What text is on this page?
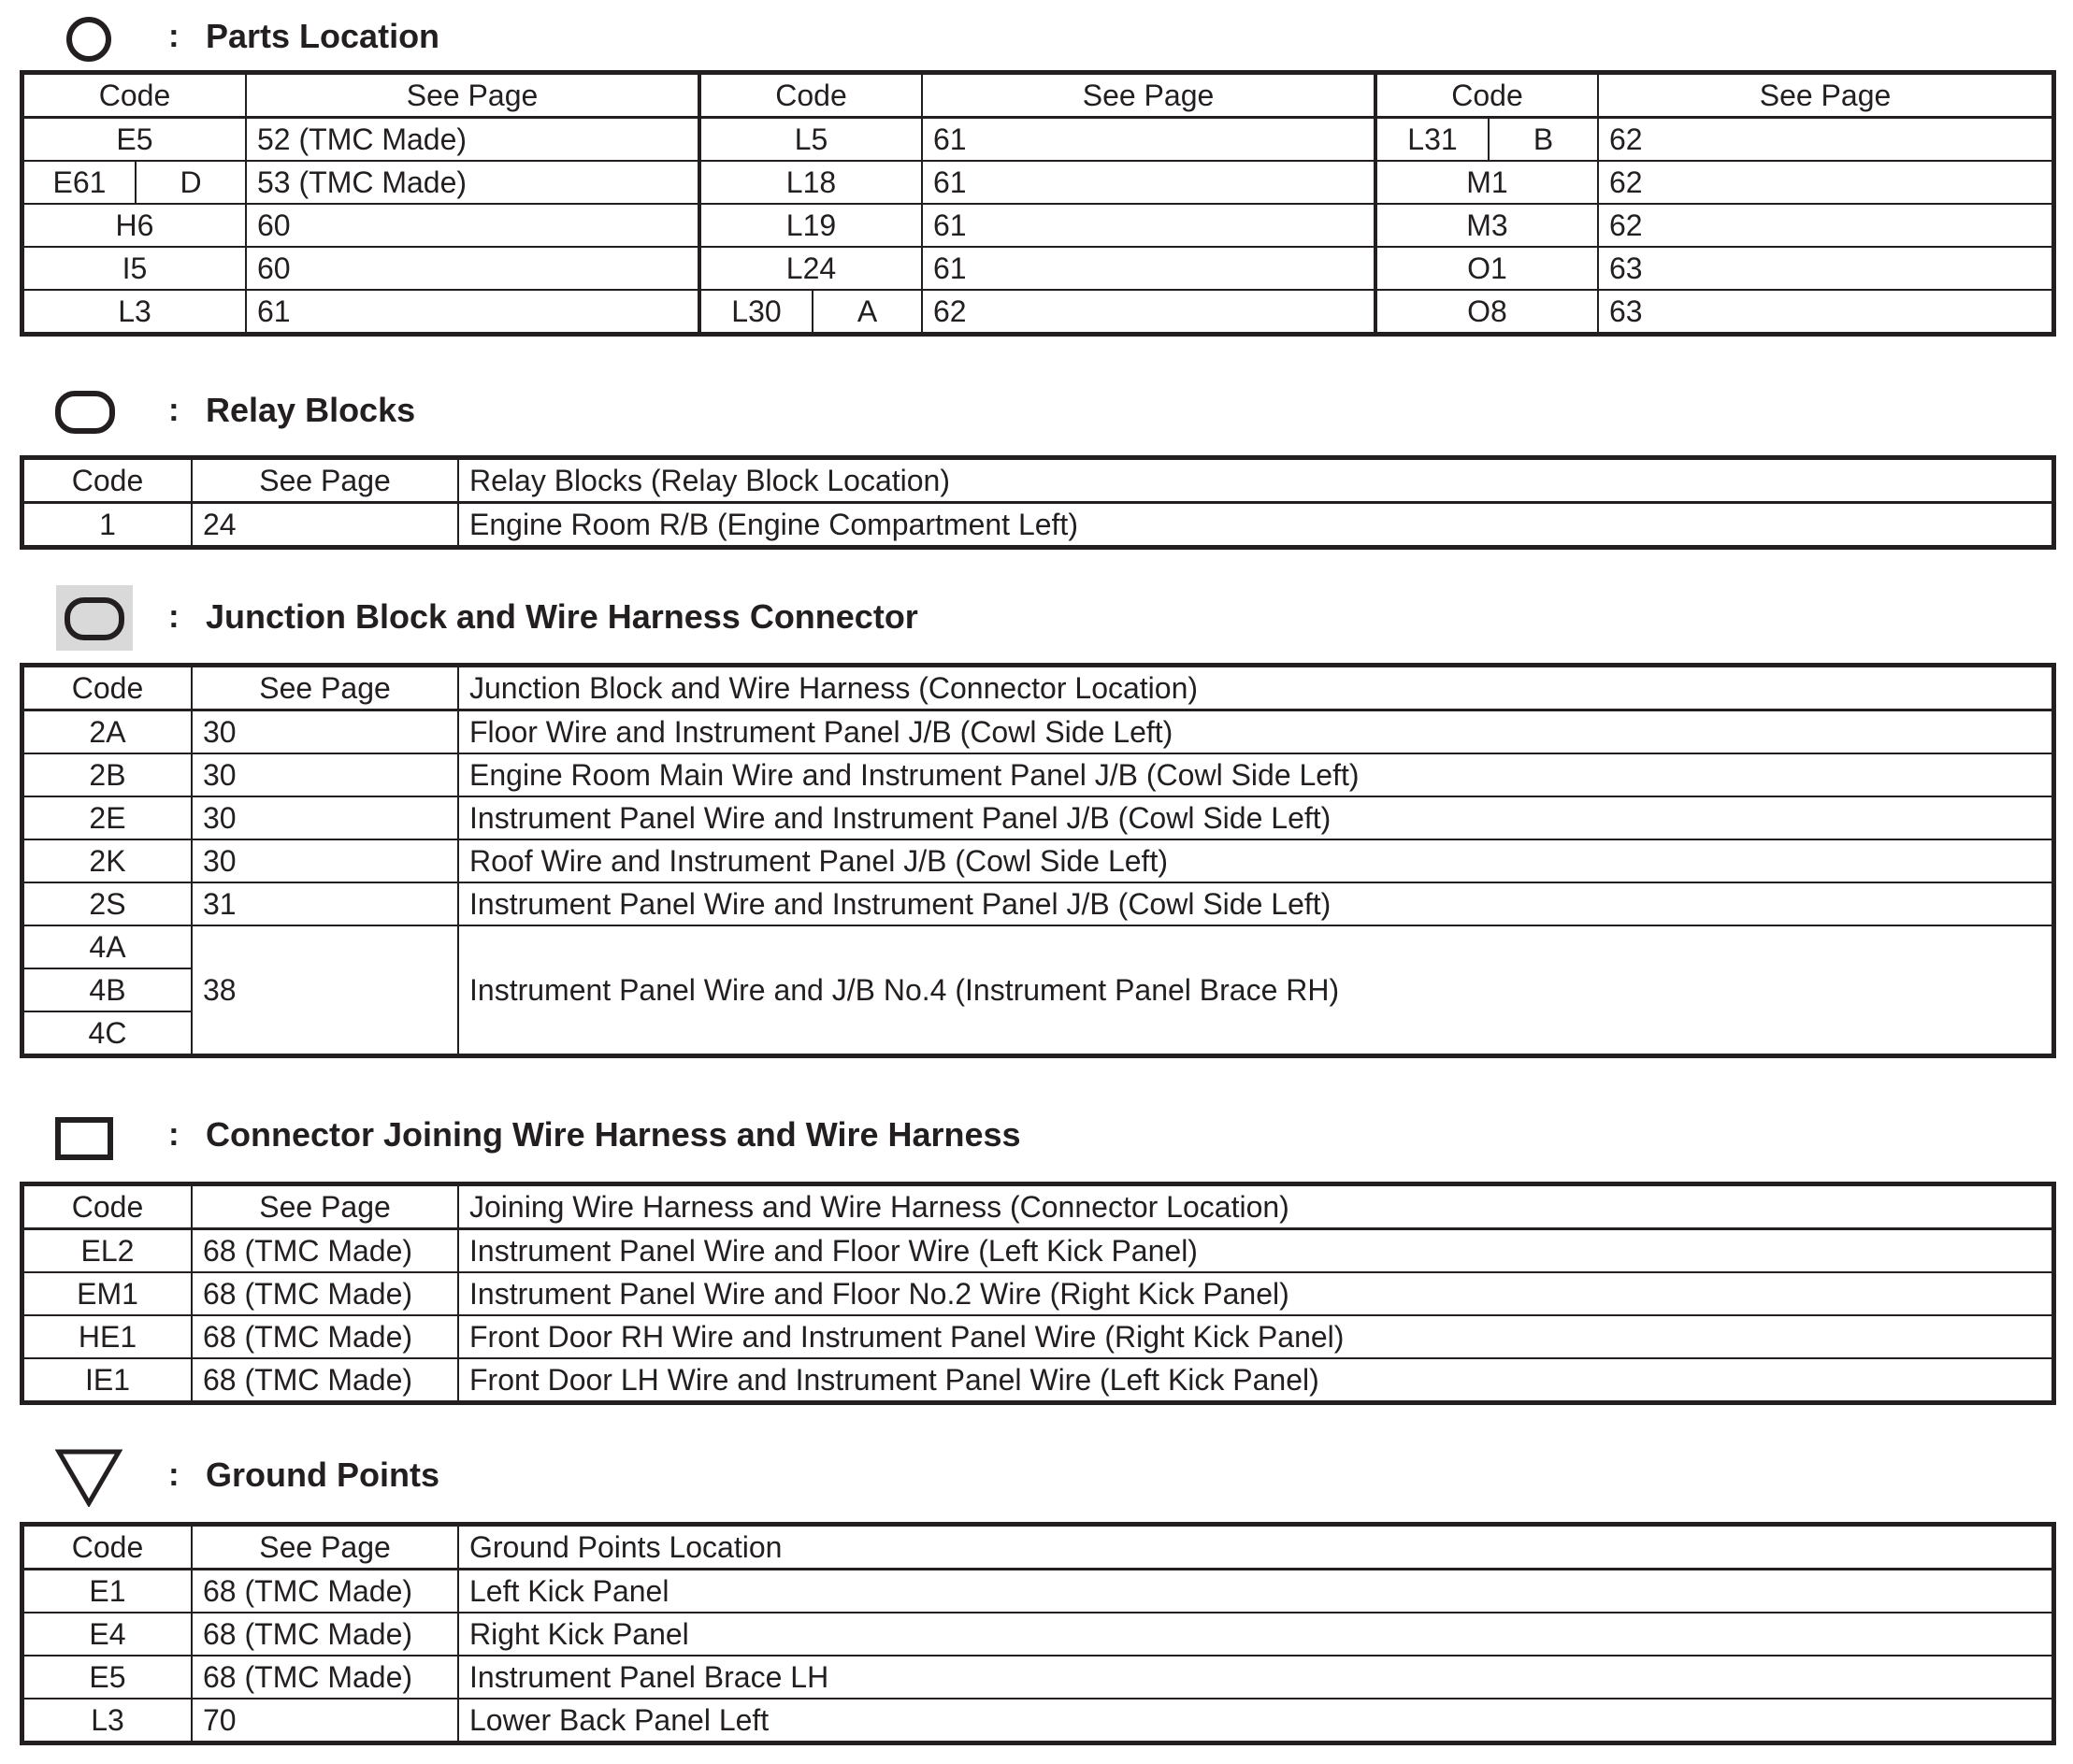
: Parts Location
Code	See Page	Code	See Page	Code	See Page
E5	52 (TMC Made)	L5	61	L31 B	62

E61 D	53 (TMC Made)	L18	61	M1	62
H6	60	L19	61	M3	62
I5	60	L24	61	O1	63
L3	61	L30 A	62	O8	63
: Relay Blocks
Code	See Page	Relay Blocks (Relay Block Location)
1	24	Engine Room R/B (Engine Compartment Left)
: Junction Block and Wire Harness Connector
Code	See Page	Junction Block and Wire Harness (Connector Location)
2A	30	Floor Wire and Instrument Panel J/B (Cowl Side Left)
2B	30	Engine Room Main Wire and Instrument Panel J/B (Cowl Side Left)
2E	30	Instrument Panel Wire and Instrument Panel J/B (Cowl Side Left)
2K	30	Roof Wire and Instrument Panel J/B (Cowl Side Left)
2S	31	Instrument Panel Wire and Instrument Panel J/B (Cowl Side Left)
4A	38	Instrument Panel Wire and J/B No.4 (Instrument Panel Brace RH)
4B		
4C		
: Connector Joining Wire Harness and Wire Harness
Code	See Page	Joining Wire Harness and Wire Harness (Connector Location)
EL2	68 (TMC Made)	Instrument Panel Wire and Floor Wire (Left Kick Panel)
EM1	68 (TMC Made)	Instrument Panel Wire and Floor No.2 Wire (Right Kick Panel)
HE1	68 (TMC Made)	Front Door RH Wire and Instrument Panel Wire (Right Kick Panel)
IE1	68 (TMC Made)	Front Door LH Wire and Instrument Panel Wire (Left Kick Panel)
: Ground Points
Code	See Page	Ground Points Location
E1	68 (TMC Made)	Left Kick Panel
E4	68 (TMC Made)	Right Kick Panel
E5	68 (TMC Made)	Instrument Panel Brace LH
L3	70	Lower Back Panel Left
